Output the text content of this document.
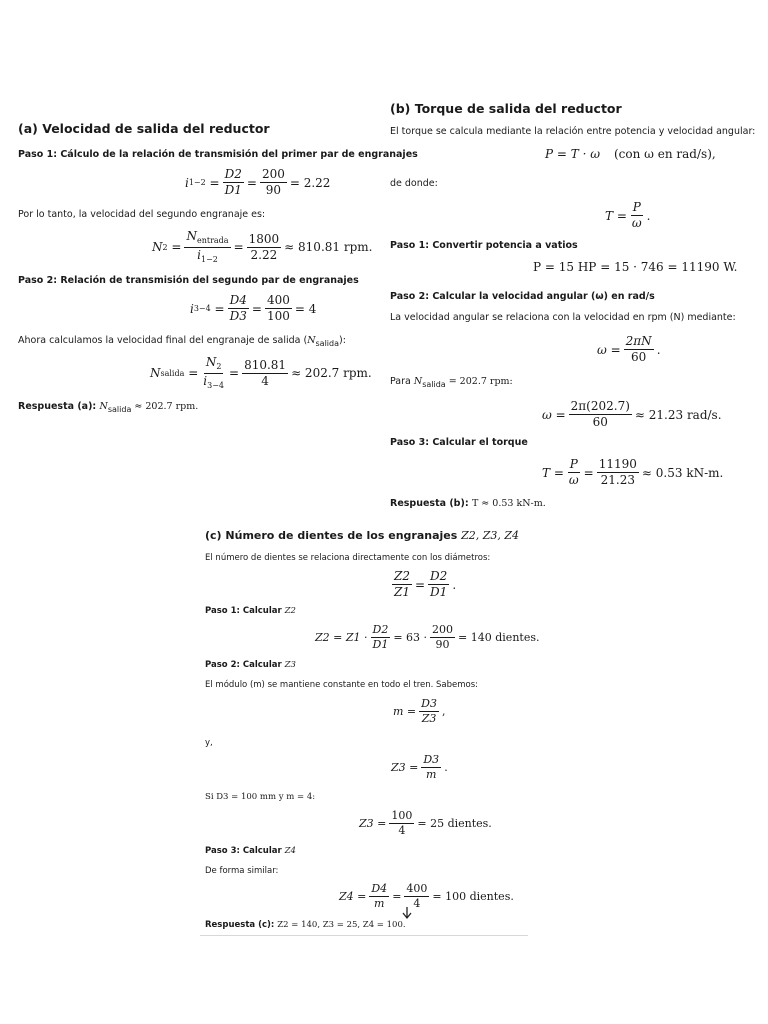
(a) Velocidad de salida del reductor
Paso 1: Cálculo de la relación de transmisión del primer par de engranajes
i $1-2 = \frac{D2}{D1} = \frac{200}{90} = 2.22$
Por lo tanto, la velocidad del segundo engranaje es:
N $2 = \frac{N_{entrada}}{i_{1-2}} = \frac{1800}{2.22} \approx 810.81$ rpm.
Paso 2: Relación de transmisión del segundo par de engranajes
i $3-4 = \frac{D4}{D3} = \frac{400}{100} = 4$
Ahora calculamos la velocidad final del engranaje de salida $(N_{salida})$:
N salida = $\frac{N_2}{i_{3-4}} = \frac{810.81}{4} \approx 202.7$ rpm.
Respuesta (a): $N_{salida} \approx 202.7$ rpm.
(b) Torque de salida del reductor
El torque se calcula mediante la relación entre potencia y velocidad angular:
P = T · ω (con ω en rad/s),
de donde:
$T = \frac{P}{\omega}$ .
Paso 1: Convertir potencia a vatios
P = 15 HP = 15 · 746 = 11190 W.
Paso 2: Calcular la velocidad angular (ω) en rad/s
La velocidad angular se relaciona con la velocidad en rpm (N) mediante:
$\omega = \frac{2\pi N}{60}$ .
Para $N_{salida} = 202.7$ rpm:
$\omega = \frac{2\pi(202.7)}{60} \approx 21.23$ rad/s.
Paso 3: Calcular el torque
$T = \frac{P}{\omega} = \frac{11190}{21.23} \approx 0.53$ kN-m.
Respuesta (b): T ≈ 0.53 kN-m.
(c) Número de dientes de los engranajes Z2, Z3, Z4
El número de dientes se relaciona directamente con los diámetros:
$\frac{Z2}{Z1} = \frac{D2}{D1}$ .
Paso 1: Calcular Z2
$Z2 = Z1 \cdot \frac{D2}{D1} = 63 \cdot \frac{200}{90} = 140$ dientes.
Paso 2: Calcular Z3
El módulo (m) se mantiene constante en todo el tren. Sabemos:
$m = \frac{D3}{Z3}$ ,
y,
$Z3 = \frac{D3}{m}$ .
Si D3 = 100 mm y m = 4:
$Z3 = \frac{100}{4} = 25$ dientes.
Paso 3: Calcular Z4
De forma similar:
$Z4 = \frac{D4}{m} = \frac{400}{4} = 100$ dientes.
Respuesta (c): Z2 = 140, Z3 = 25, Z4 = 100.
